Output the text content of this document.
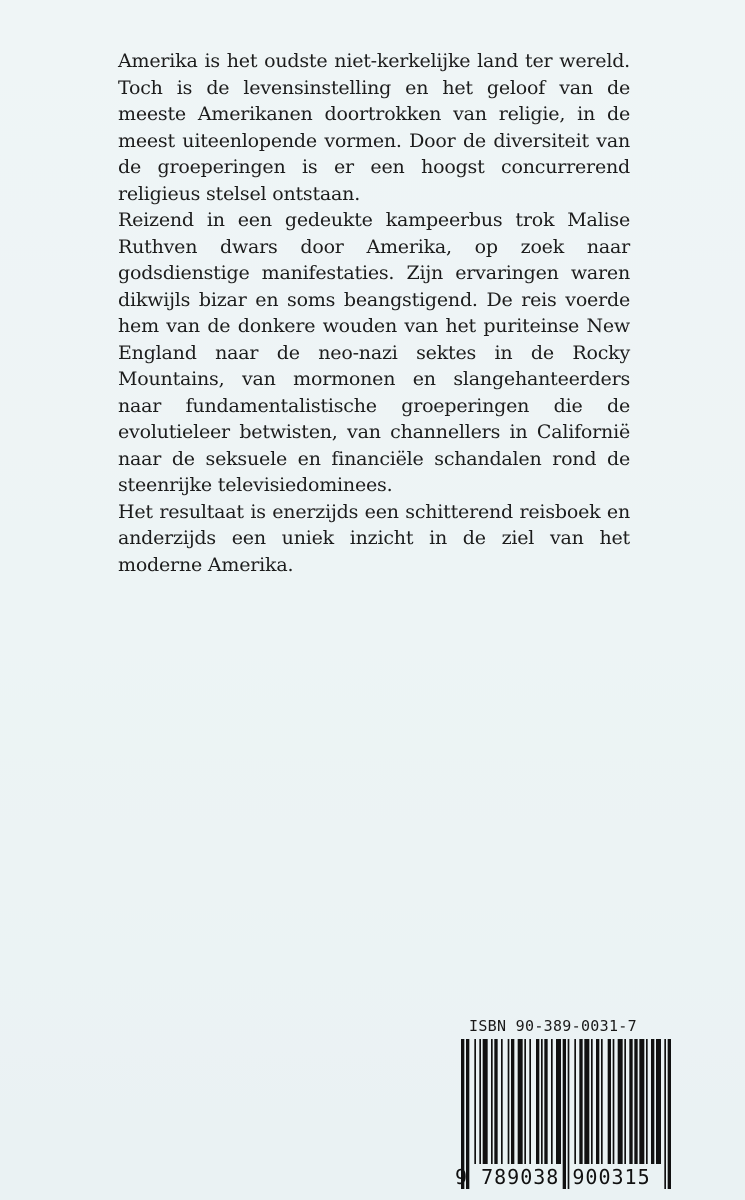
Amerika is het oudste niet-kerkelijke land ter wereld. Toch is de levensinstelling en het geloof van de meeste Amerikanen doortrokken van religie, in de meest uiteenlopende vormen. Door de diversiteit van de groeperingen is er een hoogst concurrerend religieus stelsel ontstaan.

Reizend in een gedeukte kampeerbus trok Malise Ruthven dwars door Amerika, op zoek naar godsdienstige manifestaties. Zijn ervaringen waren dikwijls bizar en soms beangstigend. De reis voerde hem van de donkere wouden van het puriteinse New England naar de neo-nazi sektes in de Rocky Mountains, van mormonen en slangehanteerders naar fundamentalistische groeperingen die de evolutieleer betwisten, van channellers in Californië naar de seksuele en financiële schandalen rond de steenrijke televisiedominees.

Het resultaat is enerzijds een schitterend reisboek en anderzijds een uniek inzicht in de ziel van het moderne Amerika.

ISBN 90-389-0031-7
9 789038 900315
